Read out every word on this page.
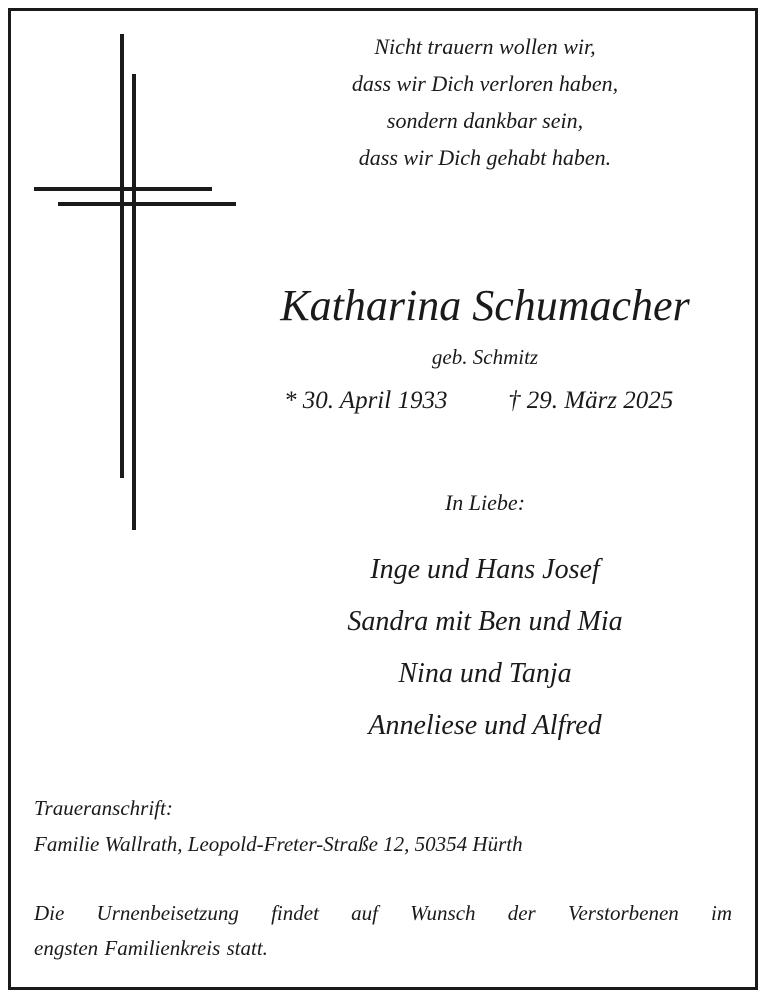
Nicht trauern wollen wir,
dass wir Dich verloren haben,
sondern dankbar sein,
dass wir Dich gehabt haben.
Katharina Schumacher
geb. Schmitz
* 30. April 1933 † 29. März 2025
In Liebe:
Inge und Hans Josef
Sandra mit Ben und Mia
Nina und Tanja
Anneliese und Alfred
Traueranschrift:
Familie Wallrath, Leopold-Freter-Straße 12, 50354 Hürth
Die Urnenbeisetzung findet auf Wunsch der Verstorbenen im
engsten Familienkreis statt.
